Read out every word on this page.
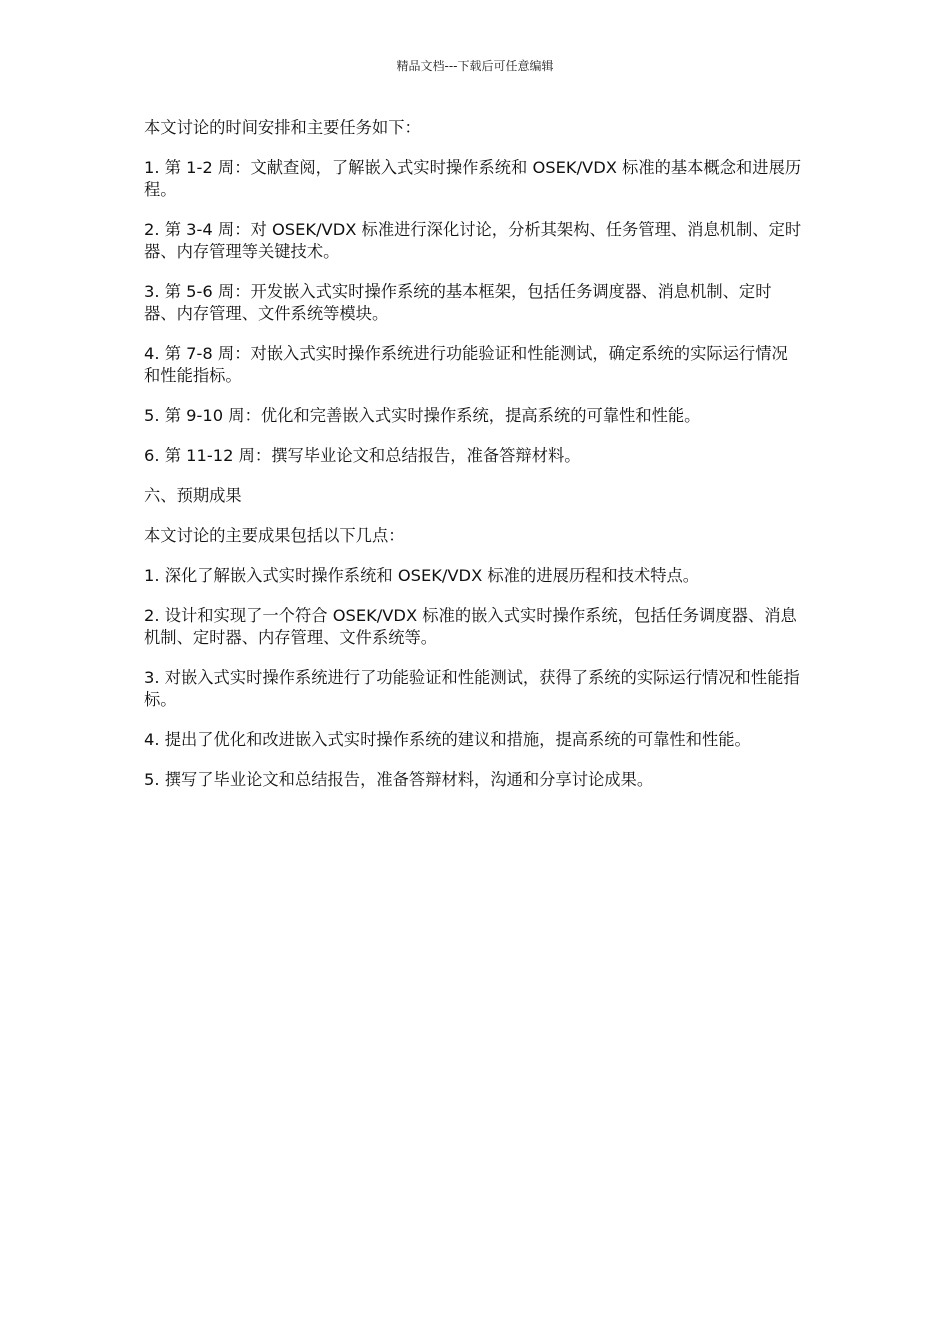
精品文档---下载后可任意编辑

本文讨论的时间安排和主要任务如下：

1. 第 1-2 周：文献查阅，了解嵌入式实时操作系统和 OSEK/VDX 标准的基本概念和进展历程。

2. 第 3-4 周：对 OSEK/VDX 标准进行深化讨论，分析其架构、任务管理、消息机制、定时器、内存管理等关键技术。

3. 第 5-6 周：开发嵌入式实时操作系统的基本框架，包括任务调度器、消息机制、定时器、内存管理、文件系统等模块。

4. 第 7-8 周：对嵌入式实时操作系统进行功能验证和性能测试，确定系统的实际运行情况和性能指标。

5. 第 9-10 周：优化和完善嵌入式实时操作系统，提高系统的可靠性和性能。

6. 第 11-12 周：撰写毕业论文和总结报告，准备答辩材料。

六、预期成果

本文讨论的主要成果包括以下几点：

1. 深化了解嵌入式实时操作系统和 OSEK/VDX 标准的进展历程和技术特点。

2. 设计和实现了一个符合 OSEK/VDX 标准的嵌入式实时操作系统，包括任务调度器、消息机制、定时器、内存管理、文件系统等。

3. 对嵌入式实时操作系统进行了功能验证和性能测试，获得了系统的实际运行情况和性能指标。

4. 提出了优化和改进嵌入式实时操作系统的建议和措施，提高系统的可靠性和性能。

5. 撰写了毕业论文和总结报告，准备答辩材料，沟通和分享讨论成果。
